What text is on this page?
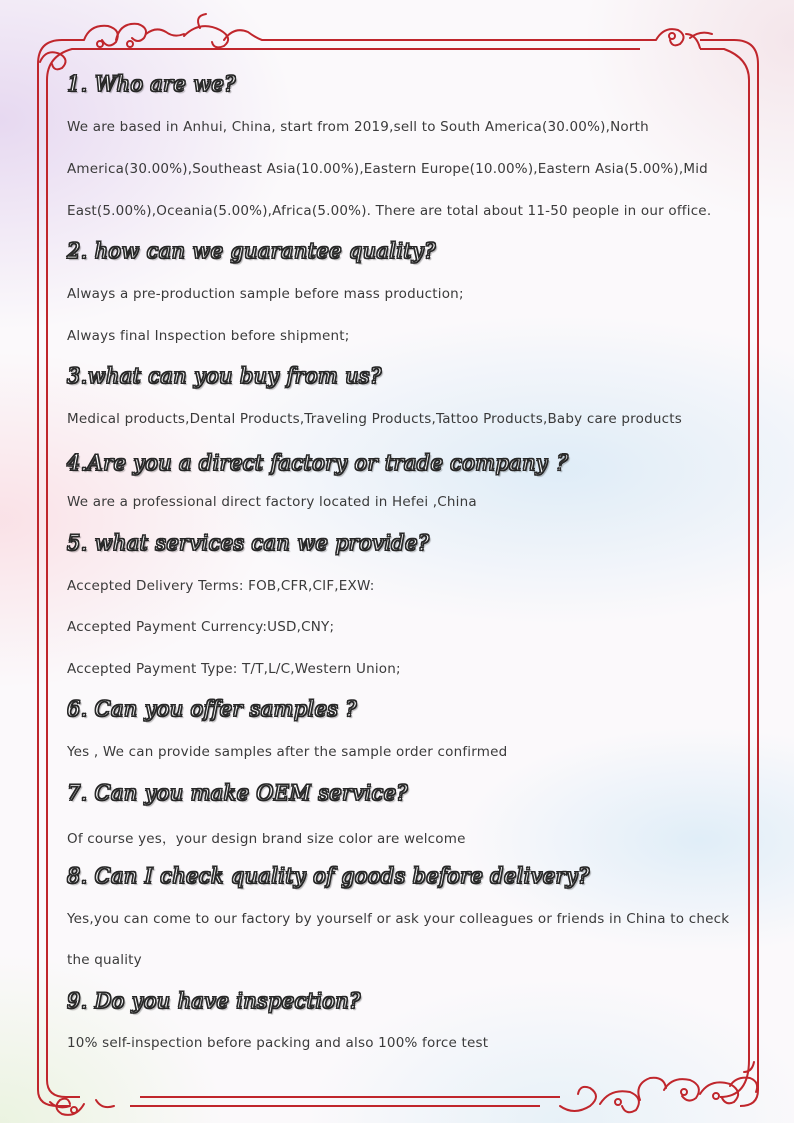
1. Who are we?

We are based in Anhui, China, start from 2019,sell to South America(30.00%),North

America(30.00%),Southeast Asia(10.00%),Eastern Europe(10.00%),Eastern Asia(5.00%),Mid

East(5.00%),Oceania(5.00%),Africa(5.00%). There are total about 11-50 people in our office.

2. how can we guarantee quality?

Always a pre-production sample before mass production;

Always final Inspection before shipment;

3.what can you buy from us?

Medical products,Dental Products,Traveling Products,Tattoo Products,Baby care products

4.Are you a direct factory or trade company ？

We are a professional direct factory located in Hefei ,China

5. what services can we provide?

Accepted Delivery Terms: FOB,CFR,CIF,EXW:

Accepted Payment Currency:USD,CNY;

Accepted Payment Type: T/T,L/C,Western Union;

6. Can you offer samples ?

Yes , We can provide samples after the sample order confirmed

7. Can you make OEM service?

Of course yes，your design brand size color are welcome

8. Can I check quality of goods before delivery?

Yes,you can come to our factory by yourself or ask your colleagues or friends in China to check

the quality

9. Do you have inspection?

10% self-inspection before packing and also 100% force test
